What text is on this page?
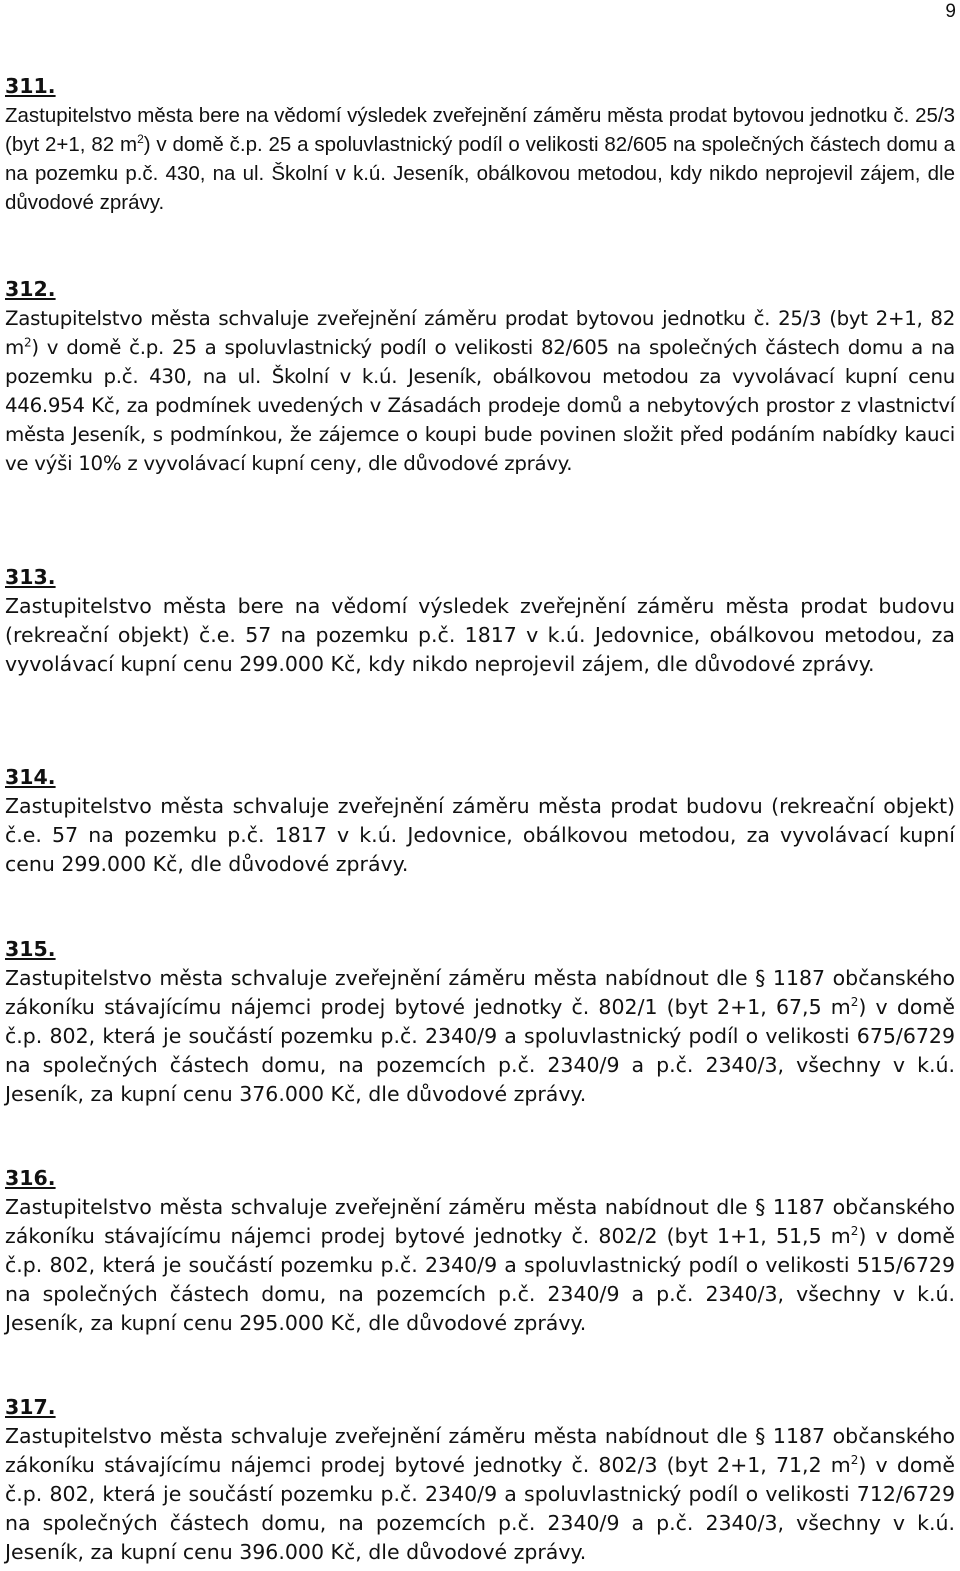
9
311.
Zastupitelstvo města bere na vědomí výsledek zveřejnění záměru města prodat bytovou jednotku č. 25/3 (byt 2+1, 82 $m^2$) v domě č.p. 25 a spoluvlastnický podíl o velikosti 82/605 na společných částech domu a na pozemku p.č. 430, na ul. Školní v k.ú. Jeseník, obálkovou metodou, kdy nikdo neprojevil zájem, dle důvodové zprávy.
312.
Zastupitelstvo města schvaluje zveřejnění záměru prodat bytovou jednotku č. 25/3 (byt 2+1, 82 $m^2$) v domě č.p. 25 a spoluvlastnický podíl o velikosti 82/605 na společných částech domu a na pozemku p.č. 430, na ul. Školní v k.ú. Jeseník, obálkovou metodou za vyvolávací kupní cenu 446.954 Kč, za podmínek uvedených v Zásadách prodeje domů a nebytových prostor z vlastnictví města Jeseník, s podmínkou, že zájemce o koupi bude povinen složit před podáním nabídky kauci ve výši 10% z vyvolávací kupní ceny, dle důvodové zprávy.
313.
Zastupitelstvo města bere na vědomí výsledek zveřejnění záměru města prodat budovu (rekreační objekt) č.e. 57 na pozemku p.č. 1817 v k.ú. Jedovnice, obálkovou metodou, za vyvolávací kupní cenu 299.000 Kč, kdy nikdo neprojevil zájem, dle důvodové zprávy.
314.
Zastupitelstvo města schvaluje zveřejnění záměru města prodat budovu (rekreační objekt) č.e. 57 na pozemku p.č. 1817 v k.ú. Jedovnice, obálkovou metodou, za vyvolávací kupní cenu 299.000 Kč, dle důvodové zprávy.
315.
Zastupitelstvo města schvaluje zveřejnění záměru města nabídnout dle § 1187 občanského zákoníku stávajícímu nájemci prodej bytové jednotky č. 802/1 (byt 2+1, 67,5 $m^2$) v domě č.p. 802, která je součástí pozemku p.č. 2340/9 a spoluvlastnický podíl o velikosti 675/6729 na společných částech domu, na pozemcích p.č. 2340/9 a p.č. 2340/3, všechny v k.ú. Jeseník, za kupní cenu 376.000 Kč, dle důvodové zprávy.
316.
Zastupitelstvo města schvaluje zveřejnění záměru města nabídnout dle § 1187 občanského zákoníku stávajícímu nájemci prodej bytové jednotky č. 802/2 (byt 1+1, 51,5 $m^2$) v domě č.p. 802, která je součástí pozemku p.č. 2340/9 a spoluvlastnický podíl o velikosti 515/6729 na společných částech domu, na pozemcích p.č. 2340/9 a p.č. 2340/3, všechny v k.ú. Jeseník, za kupní cenu 295.000 Kč, dle důvodové zprávy.
317.
Zastupitelstvo města schvaluje zveřejnění záměru města nabídnout dle § 1187 občanského zákoníku stávajícímu nájemci prodej bytové jednotky č. 802/3 (byt 2+1, 71,2 $m^2$) v domě č.p. 802, která je součástí pozemku p.č. 2340/9 a spoluvlastnický podíl o velikosti 712/6729 na společných částech domu, na pozemcích p.č. 2340/9 a p.č. 2340/3, všechny v k.ú. Jeseník, za kupní cenu 396.000 Kč, dle důvodové zprávy.
